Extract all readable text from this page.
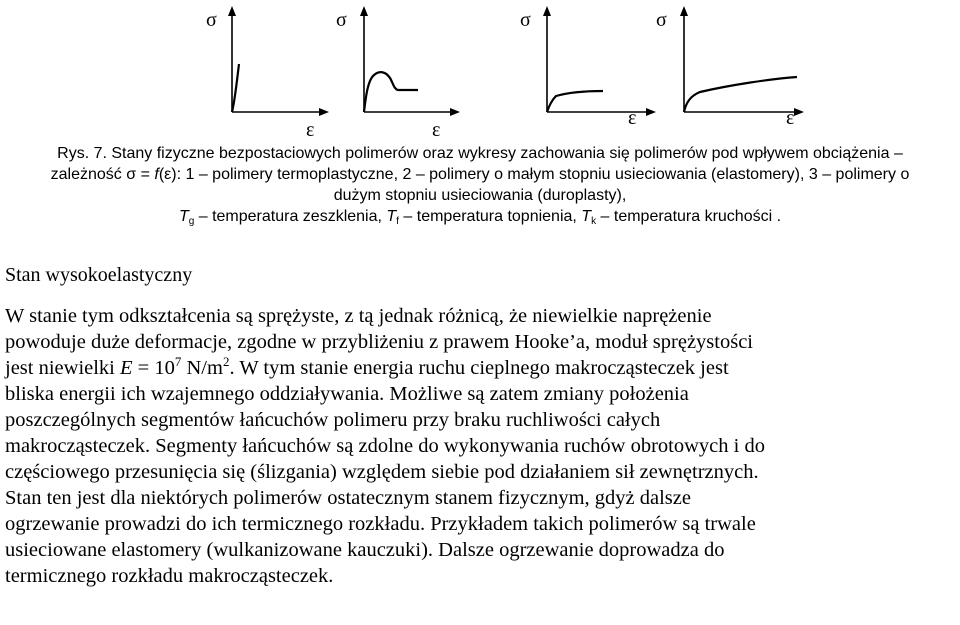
σ
ε
σ
ε
σ
ε
σ
ε
Rys. 7. Stany fizyczne bezpostaciowych polimerów oraz wykresy zachowania się polimerów pod wpływem obciążenia –
zależność σ = f(ε): 1 – polimery termoplastyczne, 2 – polimery o małym stopniu usieciowania (elastomery), 3 – polimery o
dużym stopniu usieciowania (duroplasty),
$T_g$ – temperatura zeszklenia, $T_f$ – temperatura topnienia, $T_k$ – temperatura kruchości .
Stan wysokoelastyczny
W stanie tym odkształcenia są sprężyste, z tą jednak różnicą, że niewielkie naprężenie
powoduje duże deformacje, zgodne w przybliżeniu z prawem Hooke’a, moduł sprężystości
jest niewielki $E = 10^7$ $N/m^2$. W tym stanie energia ruchu cieplnego makrocząsteczek jest
bliska energii ich wzajemnego oddziaływania. Możliwe są zatem zmiany położenia
poszczególnych segmentów łańcuchów polimeru przy braku ruchliwości całych
makrocząsteczek. Segmenty łańcuchów są zdolne do wykonywania ruchów obrotowych i do
częściowego przesunięcia się (ślizgania) względem siebie pod działaniem sił zewnętrznych.
Stan ten jest dla niektórych polimerów ostatecznym stanem fizycznym, gdyż dalsze
ogrzewanie prowadzi do ich termicznego rozkładu. Przykładem takich polimerów są trwale
usieciowane elastomery (wulkanizowane kauczuki). Dalsze ogrzewanie doprowadza do
termicznego rozkładu makrocząsteczek.
